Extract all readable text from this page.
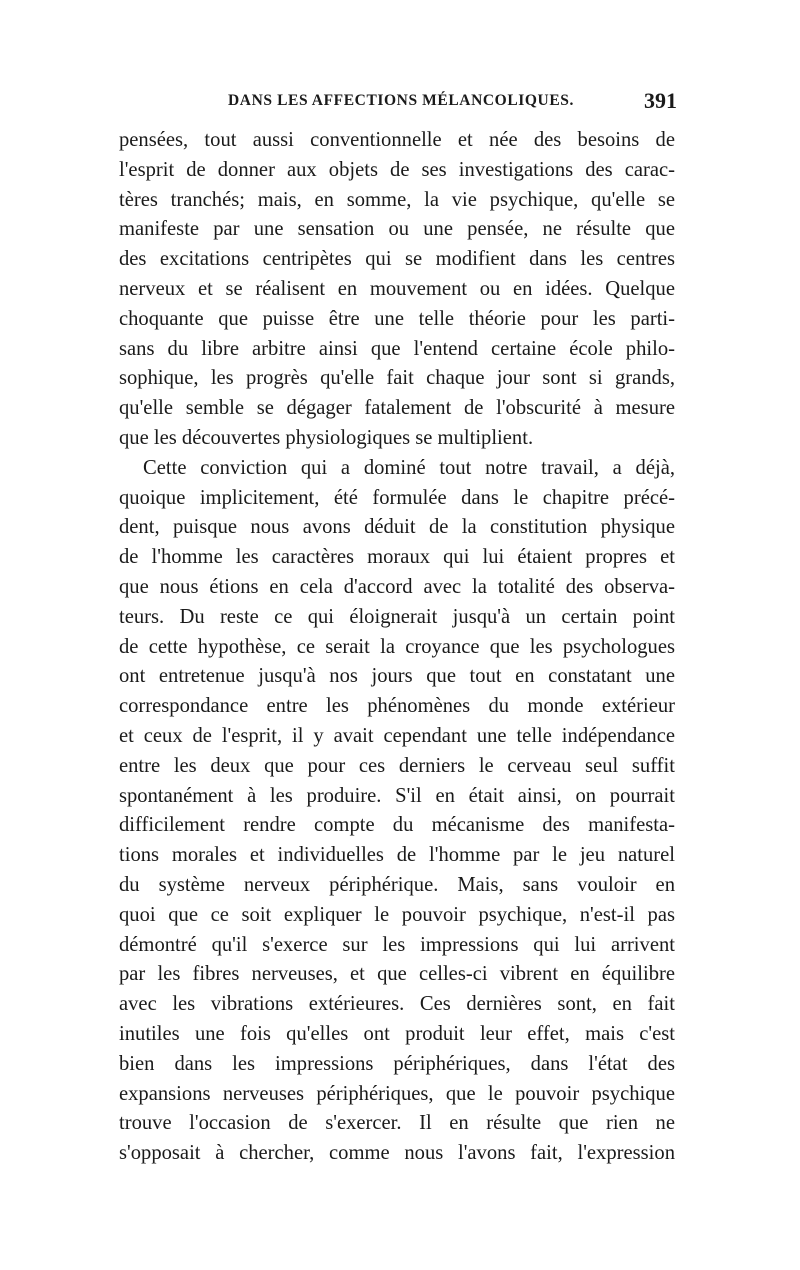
DANS LES AFFECTIONS MÉLANCOLIQUES.	391
pensées, tout aussi conventionnelle et née des besoins de
l'esprit de donner aux objets de ses investigations des carac-
tères tranchés; mais, en somme, la vie psychique, qu'elle se
manifeste par une sensation ou une pensée, ne résulte que
des excitations centripètes qui se modifient dans les centres
nerveux et se réalisent en mouvement ou en idées. Quelque
choquante que puisse être une telle théorie pour les parti-
sans du libre arbitre ainsi que l'entend certaine école philo-
sophique, les progrès qu'elle fait chaque jour sont si grands,
qu'elle semble se dégager fatalement de l'obscurité à mesure
que les découvertes physiologiques se multiplient.
Cette conviction qui a dominé tout notre travail, a déjà,
quoique implicitement, été formulée dans le chapitre précé-
dent, puisque nous avons déduit de la constitution physique
de l'homme les caractères moraux qui lui étaient propres et
que nous étions en cela d'accord avec la totalité des observa-
teurs. Du reste ce qui éloignerait jusqu'à un certain point
de cette hypothèse, ce serait la croyance que les psychologues
ont entretenue jusqu'à nos jours que tout en constatant une
correspondance entre les phénomènes du monde extérieur
et ceux de l'esprit, il y avait cependant une telle indépendance
entre les deux que pour ces derniers le cerveau seul suffit
spontanément à les produire. S'il en était ainsi, on pourrait
difficilement rendre compte du mécanisme des manifesta-
tions morales et individuelles de l'homme par le jeu naturel
du système nerveux périphérique. Mais, sans vouloir en
quoi que ce soit expliquer le pouvoir psychique, n'est-il pas
démontré qu'il s'exerce sur les impressions qui lui arrivent
par les fibres nerveuses, et que celles-ci vibrent en équilibre
avec les vibrations extérieures. Ces dernières sont, en fait
inutiles une fois qu'elles ont produit leur effet, mais c'est
bien dans les impressions périphériques, dans l'état des
expansions nerveuses périphériques, que le pouvoir psychique
trouve l'occasion de s'exercer. Il en résulte que rien ne
s'opposait à chercher, comme nous l'avons fait, l'expression
